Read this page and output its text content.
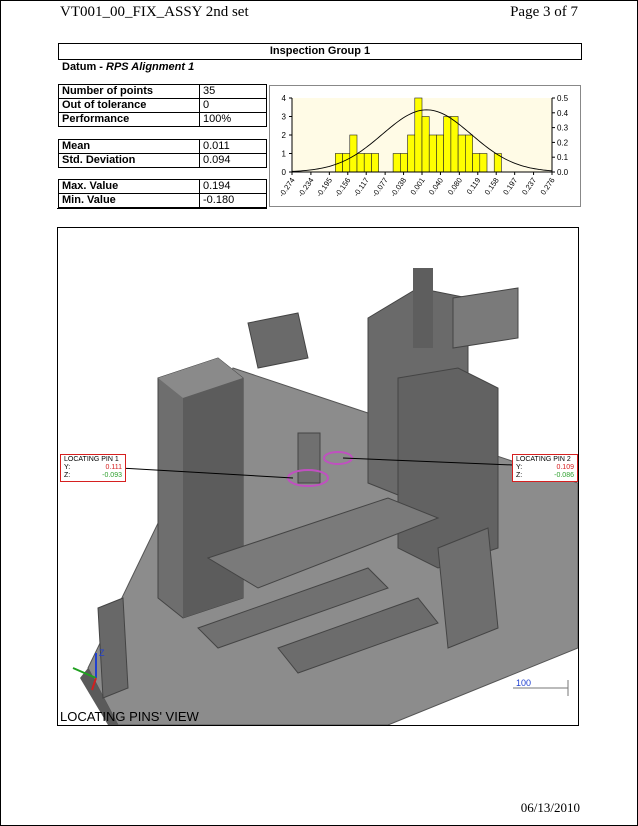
VT001_00_FIX_ASSY 2nd set	Page 3 of 7
Inspection Group 1
Datum - RPS Alignment 1
Number of points	35
Out of tolerance	0
Performance	100%
Mean	0.011
Std. Deviation	0.094
Max. Value	0.194
Min. Value	-0.180
0
1
2
3
4
0.0
0.1
0.2
0.3
0.4
0.5
-0.274 -0.234
-0.195
-0.156 -0.117 -0.077
-0.038 0.001 0.040 0.080 0.119 0.158 0.197 0.237 0.276
Z
100
LOCATING PIN 1
Y:	0.111
Z:	-0.093
LOCATING PIN 2
Y:	0.109
Z:	-0.086
LOCATING PINS' VIEW
06/13/2010
